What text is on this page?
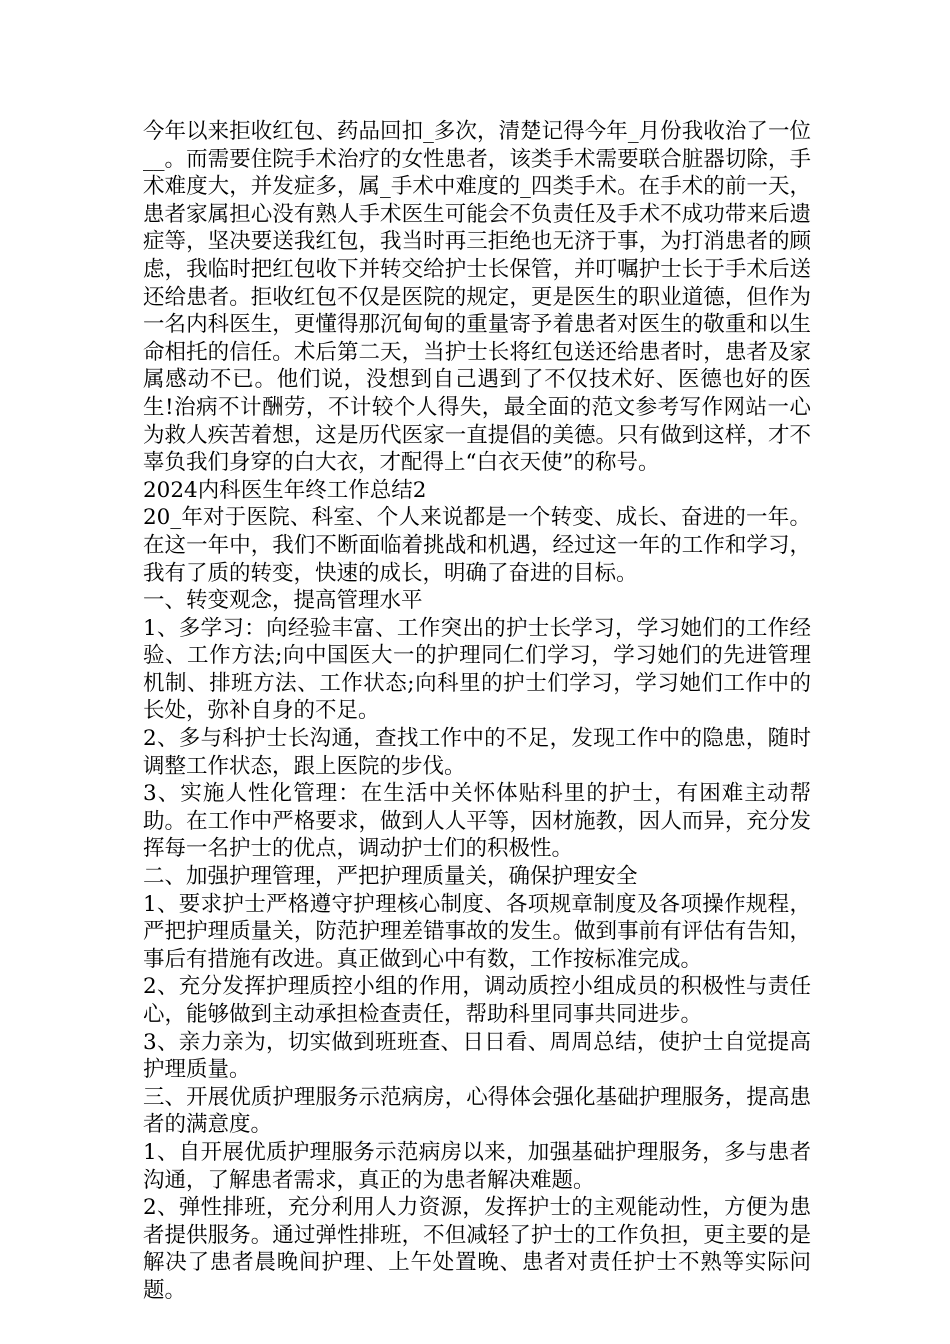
今年以来拒收红包、药品回扣_多次，清楚记得今年_月份我收治了一位__。而需要住院手术治疗的女性患者，该类手术需要联合脏器切除，手术难度大，并发症多，属_手术中难度的_四类手术。在手术的前一天，患者家属担心没有熟人手术医生可能会不负责任及手术不成功带来后遗症等，坚决要送我红包，我当时再三拒绝也无济于事，为打消患者的顾虑，我临时把红包收下并转交给护士长保管，并叮嘱护士长于手术后送还给患者。拒收红包不仅是医院的规定，更是医生的职业道德，但作为一名内科医生，更懂得那沉甸甸的重量寄予着患者对医生的敬重和以生命相托的信任。术后第二天，当护士长将红包送还给患者时，患者及家属感动不已。他们说，没想到自己遇到了不仅技术好、医德也好的医生!治病不计酬劳，不计较个人得失，最全面的范文参考写作网站一心为救人疾苦着想，这是历代医家一直提倡的美德。只有做到这样，才不辜负我们身穿的白大衣，才配得上“白衣天使”的称号。

2024内科医生年终工作总结2

20_年对于医院、科室、个人来说都是一个转变、成长、奋进的一年。在这一年中，我们不断面临着挑战和机遇，经过这一年的工作和学习，我有了质的转变，快速的成长，明确了奋进的目标。

一、转变观念，提高管理水平

1、多学习：向经验丰富、工作突出的护士长学习，学习她们的工作经验、工作方法;向中国医大一的护理同仁们学习，学习她们的先进管理机制、排班方法、工作状态;向科里的护士们学习，学习她们工作中的长处，弥补自身的不足。

2、多与科护士长沟通，查找工作中的不足，发现工作中的隐患，随时调整工作状态，跟上医院的步伐。

3、实施人性化管理：在生活中关怀体贴科里的护士，有困难主动帮助。在工作中严格要求，做到人人平等，因材施教，因人而异，充分发挥每一名护士的优点，调动护士们的积极性。

二、加强护理管理，严把护理质量关，确保护理安全

1、要求护士严格遵守护理核心制度、各项规章制度及各项操作规程，严把护理质量关，防范护理差错事故的发生。做到事前有评估有告知，事后有措施有改进。真正做到心中有数，工作按标准完成。

2、充分发挥护理质控小组的作用，调动质控小组成员的积极性与责任心，能够做到主动承担检查责任，帮助科里同事共同进步。

3、亲力亲为，切实做到班班查、日日看、周周总结，使护士自觉提高护理质量。

三、开展优质护理服务示范病房，心得体会强化基础护理服务，提高患者的满意度。

1、自开展优质护理服务示范病房以来，加强基础护理服务，多与患者沟通，了解患者需求，真正的为患者解决难题。

2、弹性排班，充分利用人力资源，发挥护士的主观能动性，方便为患者提供服务。通过弹性排班，不但减轻了护士的工作负担，更主要的是解决了患者晨晚间护理、上午处置晚、患者对责任护士不熟等实际问题。
